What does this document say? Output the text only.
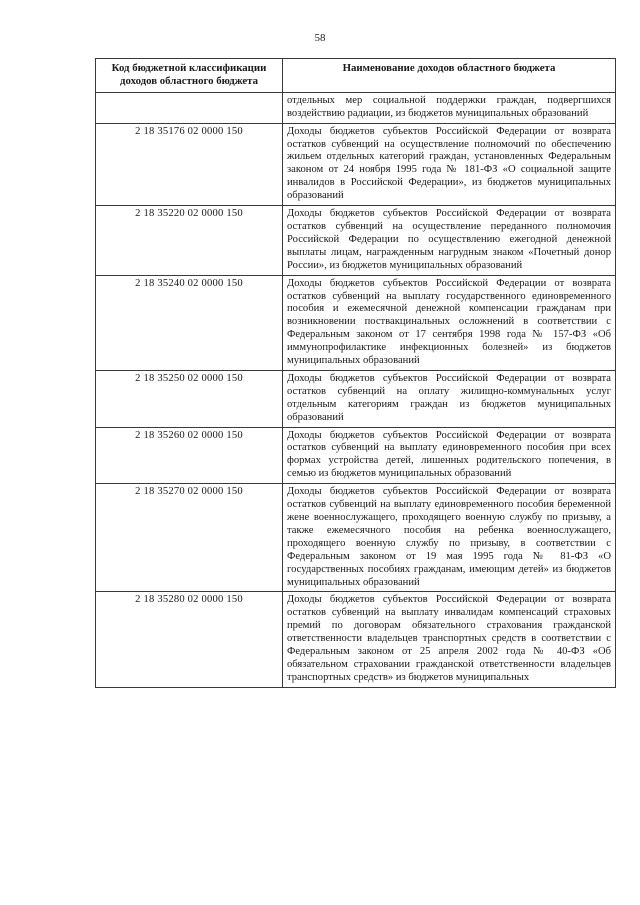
58
Код бюджетной классификации доходов областного бюджета	Наименование доходов областного бюджета
	отдельных мер социальной поддержки граждан, подвергшихся воздействию радиации, из бюджетов муниципальных образований
2 18 35176 02 0000 150	Доходы бюджетов субъектов Российской Федерации от возврата остатков субвенций на осуществление полномочий по обеспечению жильем отдельных категорий граждан, установленных Федеральным законом от 24 ноября 1995 года № 181-ФЗ «О социальной защите инвалидов в Российской Федерации», из бюджетов муниципальных образований
2 18 35220 02 0000 150	Доходы бюджетов субъектов Российской Федерации от возврата остатков субвенций на осуществление переданного полномочия Российской Федерации по осуществлению ежегодной денежной выплаты лицам, награжденным нагрудным знаком «Почетный донор России», из бюджетов муниципальных образований
2 18 35240 02 0000 150	Доходы бюджетов субъектов Российской Федерации от возврата остатков субвенций на выплату государственного единовременного пособия и ежемесячной денежной компенсации гражданам при возникновении поствакцинальных осложнений в соответствии с Федеральным законом от 17 сентября 1998 года № 157-ФЗ «Об иммунопрофилактике инфекционных болезней» из бюджетов муниципальных образований
2 18 35250 02 0000 150	Доходы бюджетов субъектов Российской Федерации от возврата остатков субвенций на оплату жилищно-коммунальных услуг отдельным категориям граждан из бюджетов муниципальных образований
2 18 35260 02 0000 150	Доходы бюджетов субъектов Российской Федерации от возврата остатков субвенций на выплату единовременного пособия при всех формах устройства детей, лишенных родительского попечения, в семью из бюджетов муниципальных образований
2 18 35270 02 0000 150	Доходы бюджетов субъектов Российской Федерации от возврата остатков субвенций на выплату единовременного пособия беременной жене военнослужащего, проходящего военную службу по призыву, а также ежемесячного пособия на ребенка военнослужащего, проходящего военную службу по призыву, в соответствии с Федеральным законом от 19 мая 1995 года № 81-ФЗ «О государственных пособиях гражданам, имеющим детей» из бюджетов муниципальных образований
2 18 35280 02 0000 150	Доходы бюджетов субъектов Российской Федерации от возврата остатков субвенций на выплату инвалидам компенсаций страховых премий по договорам обязательного страхования гражданской ответственности владельцев транспортных средств в соответствии с Федеральным законом от 25 апреля 2002 года № 40-ФЗ «Об обязательном страховании гражданской ответственности владельцев транспортных средств» из бюджетов муниципальных
